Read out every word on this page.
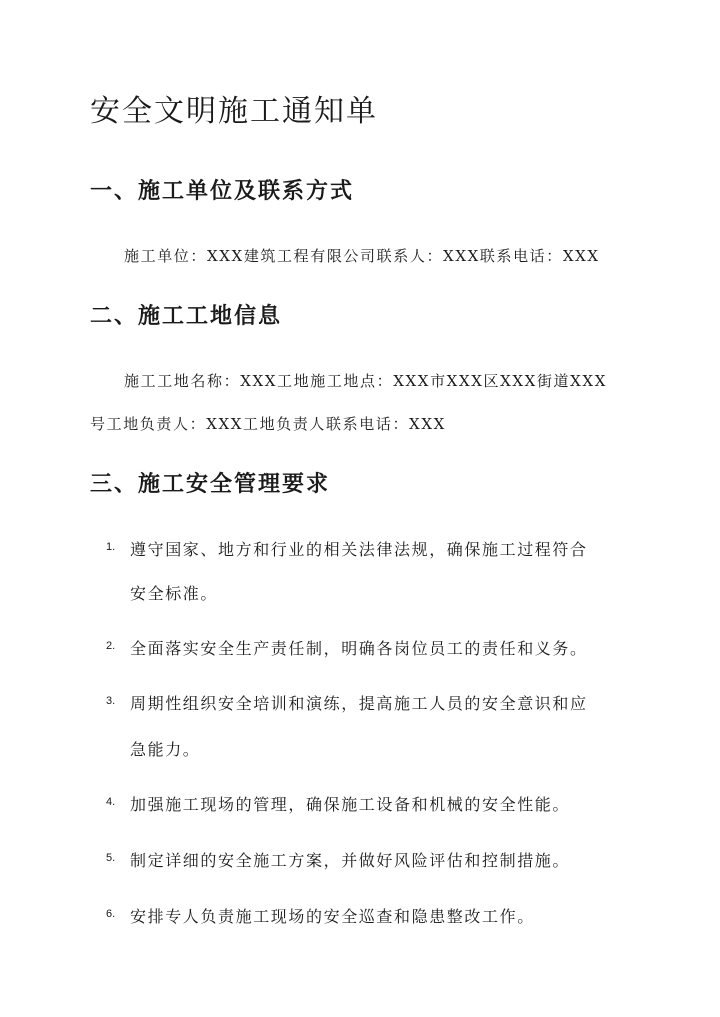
安全文明施工通知单
一、施工单位及联系方式

施工单位：XXX建筑工程有限公司联系人：XXX联系电话：XXX

二、施工工地信息

施工工地名称：XXX工地施工地点：XXX市XXX区XXX街道XXX

号工地负责人：XXX工地负责人联系电话：XXX

三、施工安全管理要求
1. 遵守国家、地方和行业的相关法律法规，确保施工过程符合
安全标准。
2. 全面落实安全生产责任制，明确各岗位员工的责任和义务。
3. 周期性组织安全培训和演练，提高施工人员的安全意识和应
急能力。
4. 加强施工现场的管理，确保施工设备和机械的安全性能。
5. 制定详细的安全施工方案，并做好风险评估和控制措施。
6. 安排专人负责施工现场的安全巡查和隐患整改工作。
